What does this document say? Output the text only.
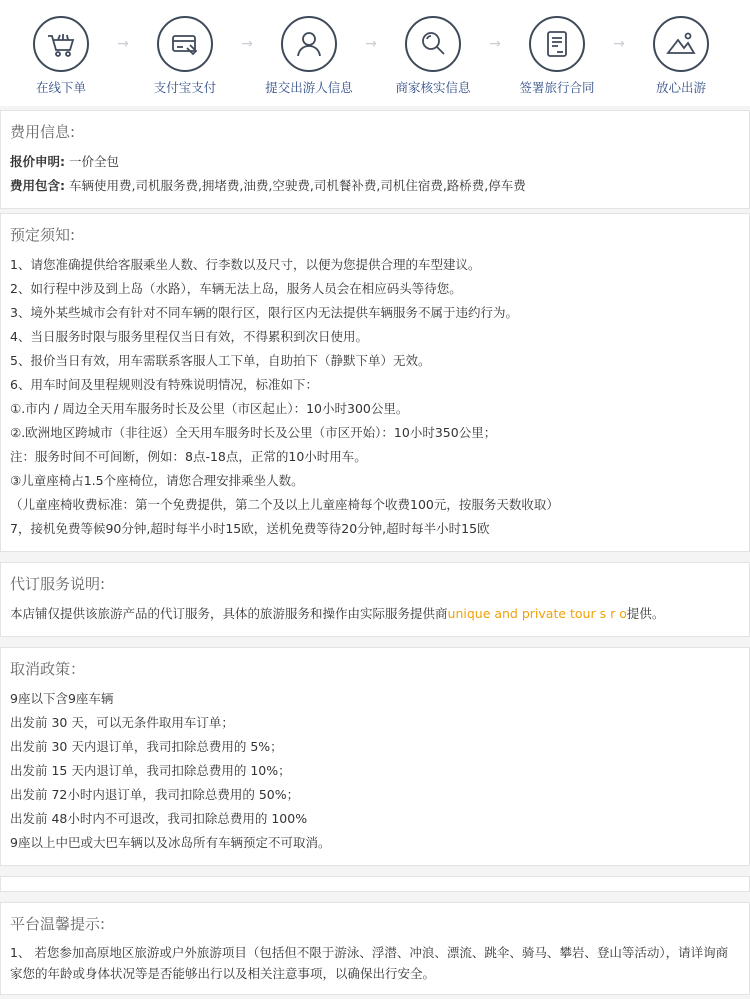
在线下单
→
支付宝支付
→
提交出游人信息
→
商家核实信息
→
签署旅行合同
→
放心出游
费用信息:
报价申明: 一价全包
费用包含: 车辆使用费,司机服务费,拥堵费,油费,空驶费,司机餐补费,司机住宿费,路桥费,停车费
预定须知:
1、请您准确提供给客服乘坐人数、行李数以及尺寸，以便为您提供合理的车型建议。
2、如行程中涉及到上岛（水路），车辆无法上岛，服务人员会在相应码头等待您。
3、境外某些城市会有针对不同车辆的限行区，限行区内无法提供车辆服务不属于违约行为。
4、当日服务时限与服务里程仅当日有效，不得累积到次日使用。
5、报价当日有效，用车需联系客服人工下单，自助拍下（静默下单）无效。
6、用车时间及里程规则没有特殊说明情况，标准如下：
①.市内 / 周边全天用车服务时长及公里（市区起止）：10小时300公里。
②.欧洲地区跨城市（非往返）全天用车服务时长及公里（市区开始）：10小时350公里；
注：服务时间不可间断，例如：8点-18点，正常的10小时用车。
③儿童座椅占1.5个座椅位，请您合理安排乘坐人数。
（儿童座椅收费标准：第一个免费提供，第二个及以上儿童座椅每个收费100元，按服务天数收取）
7，接机免费等候90分钟,超时每半小时15欧，送机免费等待20分钟,超时每半小时15欧
代订服务说明:
本店铺仅提供该旅游产品的代订服务，具体的旅游服务和操作由实际服务提供商unique and private tour s r o提供。
取消政策：
9座以下含9座车辆
出发前 30 天，可以无条件取用车订单；
出发前 30 天内退订单，我司扣除总费用的 5%；
出发前 15 天内退订单，我司扣除总费用的 10%；
出发前 72小时内退订单，我司扣除总费用的 50%；
出发前 48小时内不可退改，我司扣除总费用的 100%
9座以上中巴或大巴车辆以及冰岛所有车辆预定不可取消。
平台温馨提示:
1、 若您参加高原地区旅游或户外旅游项目（包括但不限于游泳、浮潜、冲浪、漂流、跳伞、骑马、攀岩、登山等活动），请详询商家您的年龄或身体状况等是否能够出行以及相关注意事项，以确保出行安全。
